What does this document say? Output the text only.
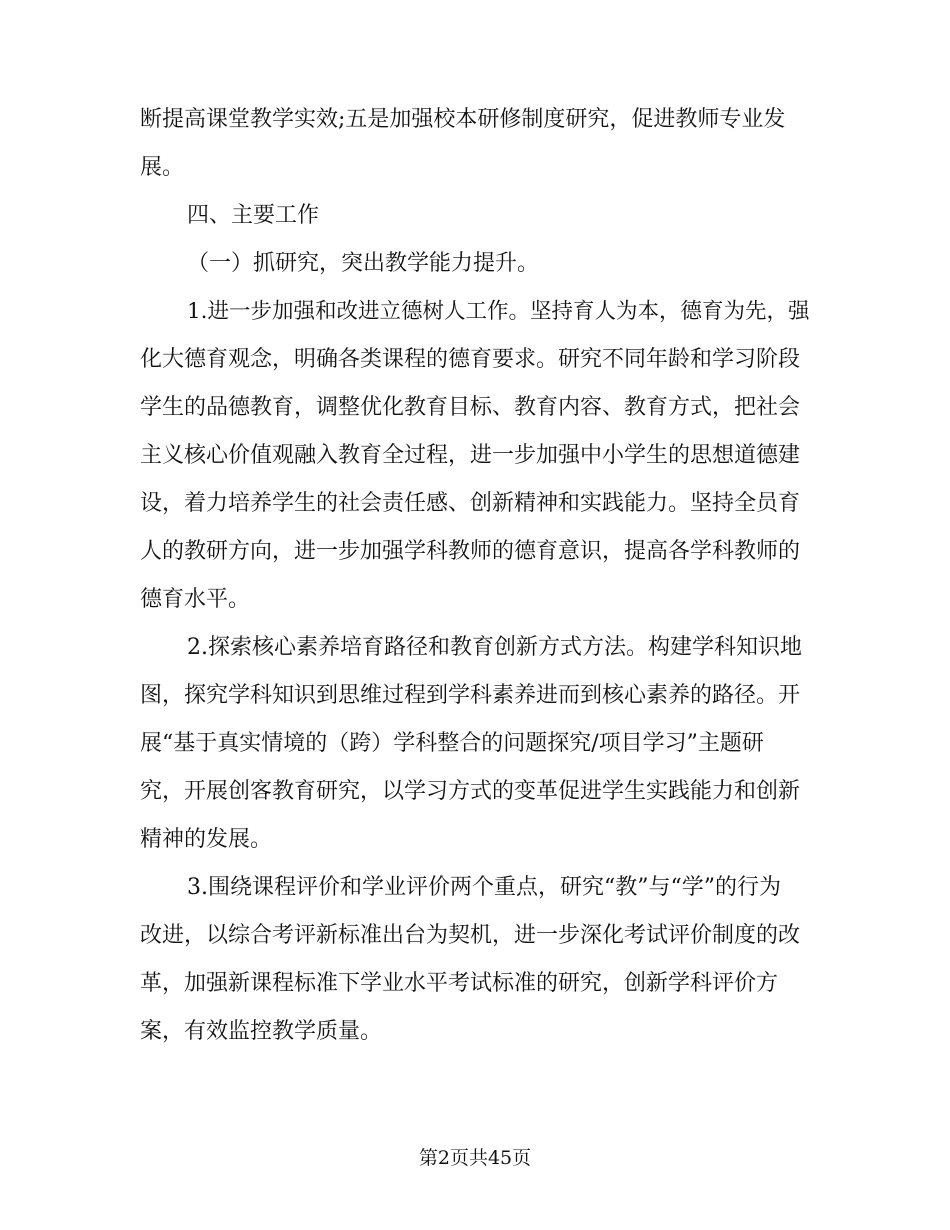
断提高课堂教学实效;五是加强校本研修制度研究，促进教师专业发
展。
四、主要工作
（一）抓研究，突出教学能力提升。
1.进一步加强和改进立德树人工作。坚持育人为本，德育为先，强
化大德育观念，明确各类课程的德育要求。研究不同年龄和学习阶段
学生的品德教育，调整优化教育目标、教育内容、教育方式，把社会
主义核心价值观融入教育全过程，进一步加强中小学生的思想道德建
设，着力培养学生的社会责任感、创新精神和实践能力。坚持全员育
人的教研方向，进一步加强学科教师的德育意识，提高各学科教师的
德育水平。
2.探索核心素养培育路径和教育创新方式方法。构建学科知识地
图，探究学科知识到思维过程到学科素养进而到核心素养的路径。开
展“基于真实情境的（跨）学科整合的问题探究/项目学习”主题研
究，开展创客教育研究，以学习方式的变革促进学生实践能力和创新
精神的发展。
3.围绕课程评价和学业评价两个重点，研究“教”与“学”的行为
改进，以综合考评新标准出台为契机，进一步深化考试评价制度的改
革，加强新课程标准下学业水平考试标准的研究，创新学科评价方
案，有效监控教学质量。
第2页共45页
